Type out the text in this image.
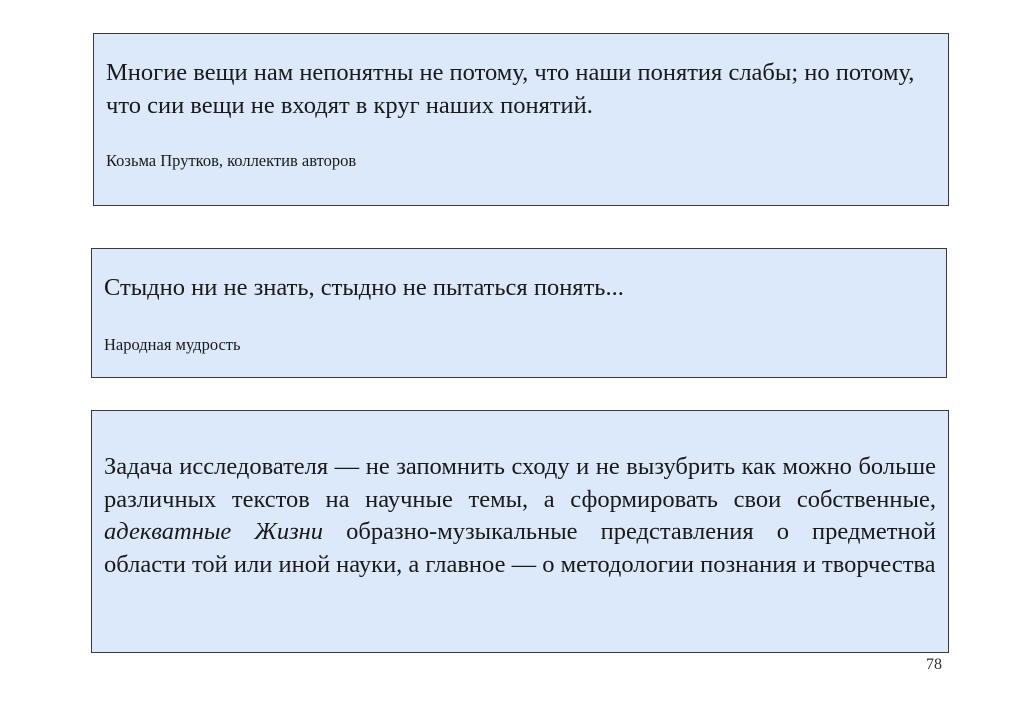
Многие вещи нам непонятны не потому, что наши понятия слабы; но потому, что сии вещи не входят в круг наших понятий.

Козьма Прутков, коллектив авторов

Стыдно ни не знать, стыдно не пытаться понять...

Народная мудрость

Задача исследователя — не запомнить сходу и не вызубрить как можно больше различных текстов на научные темы, а сформировать свои собственные, адекватные Жизни образно-музыкальные представления о предметной области той или иной науки, а главное — о методологии познания и творчества

78
